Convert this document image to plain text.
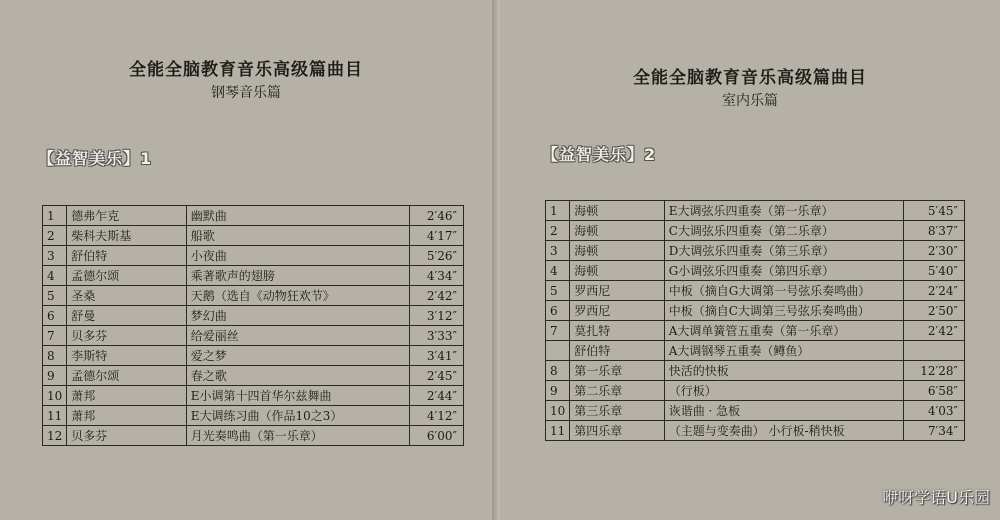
全能全脑教育音乐高级篇曲目
钢琴音乐篇
【益智美乐】1
1	德弗乍克	幽默曲	2′46″
2	柴科夫斯基	船歌	4′17″
3	舒伯特	小夜曲	5′26″
4	孟德尔颂	乘著歌声的翅膀	4′34″
5	圣桑	天鹅（选自《动物狂欢节》	2′42″
6	舒曼	梦幻曲	3′12″
7	贝多芬	给爱丽丝	3′33″
8	李斯特	爱之梦	3′41″
9	孟德尔颂	春之歌	2′45″
10	萧邦	E小调第十四首华尔兹舞曲	2′44″
11	萧邦	E大调练习曲（作品10之3）	4′12″
12	贝多芬	月光奏鸣曲（第一乐章）	6′00″
全能全脑教育音乐高级篇曲目
室内乐篇
【益智美乐】2
1	海顿	E大调弦乐四重奏（第一乐章）	5′45″
2	海顿	C大调弦乐四重奏（第二乐章）	8′37″
3	海顿	D大调弦乐四重奏（第三乐章）	2′30″
4	海顿	G小调弦乐四重奏（第四乐章）	5′40″
5	罗西尼	中板（摘自G大调第一号弦乐奏鸣曲）	2′24″
6	罗西尼	中板（摘自C大调第三号弦乐奏鸣曲）	2′50″
7	莫扎特	A大调单簧管五重奏（第一乐章）	2′42″
	舒伯特	A大调钢琴五重奏（鳟鱼）	
8	第一乐章	快活的快板	12′28″
9	第二乐章	（行板）	6′58″
10	第三乐章	诙谐曲 · 急板	4′03″
11	第四乐章	（主题与变奏曲） 小行板-稍快板	7′34″
咿呀学语U乐园
